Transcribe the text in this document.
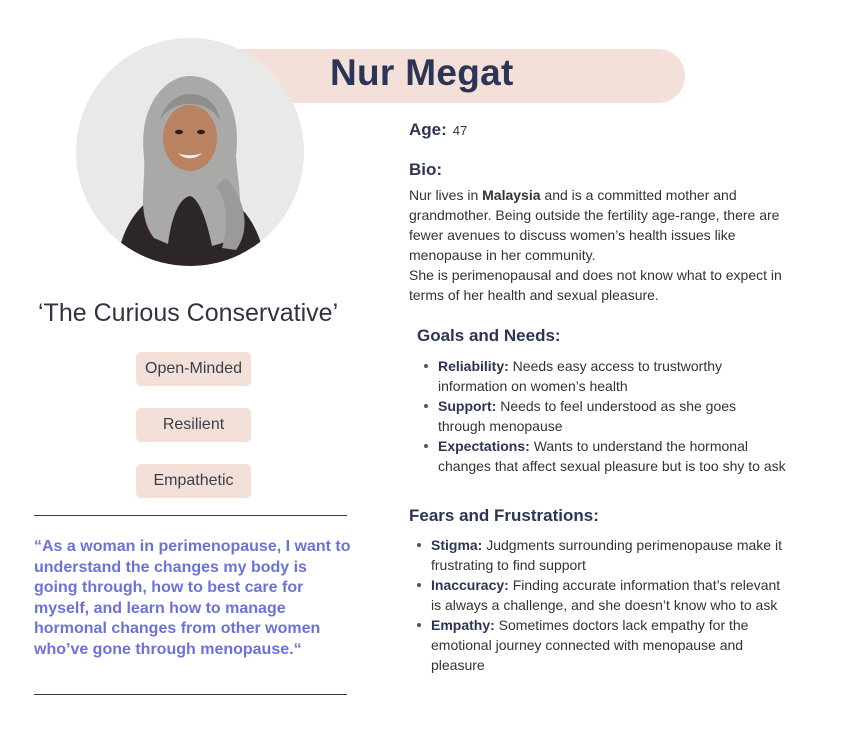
Nur Megat
‘The Curious Conservative’
Open-Minded
Resilient
Empathetic
“As a woman in perimenopause, I want to understand the changes my body is going through, how to best care for myself, and learn how to manage hormonal changes from other women who’ve gone through menopause.“
Age: 47
Bio:
Nur lives in Malaysia and is a committed mother and grandmother. Being outside the fertility age-range, there are fewer avenues to discuss women’s health issues like menopause in her community.
She is perimenopausal and does not know what to expect in terms of her health and sexual pleasure.
Goals and Needs:
Reliability: Needs easy access to trustworthy information on women’s health
Support: Needs to feel understood as she goes through menopause
Expectations: Wants to understand the hormonal changes that affect sexual pleasure but is too shy to ask
Fears and Frustrations:
Stigma: Judgments surrounding perimenopause make it frustrating to find support
Inaccuracy: Finding accurate information that’s relevant is always a challenge, and she doesn’t know who to ask
Empathy: Sometimes doctors lack empathy for the emotional journey connected with menopause and pleasure
